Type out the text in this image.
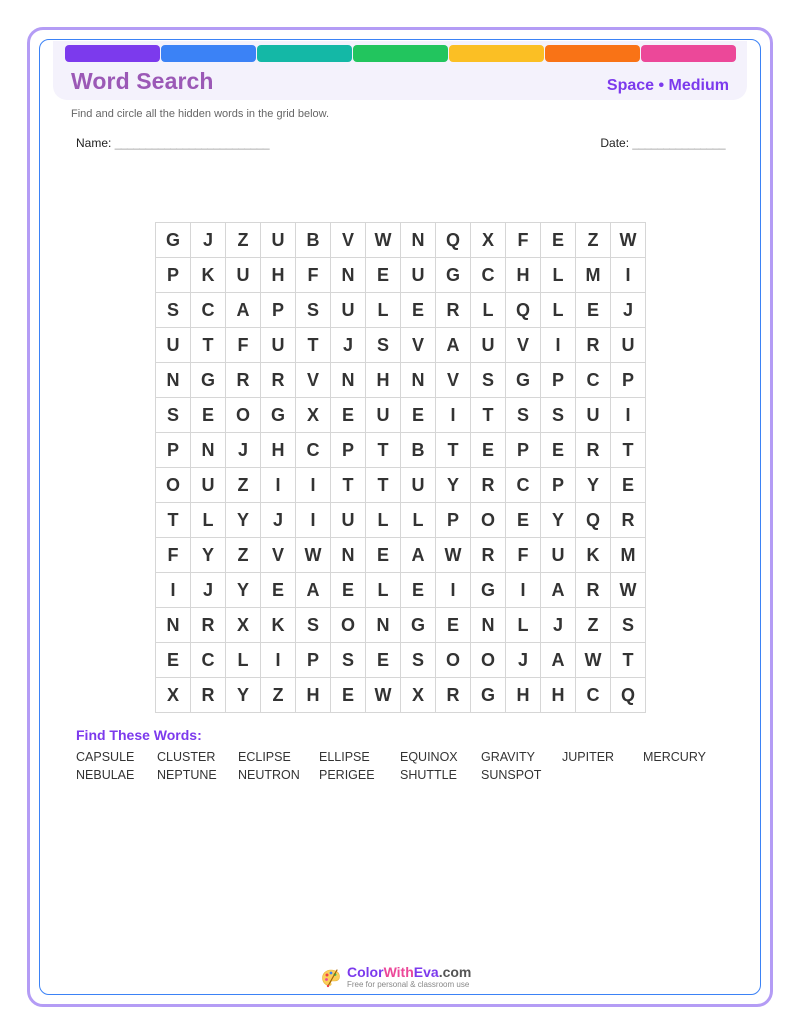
Word Search	Space • Medium
Find and circle all the hidden words in the grid below.
Name: _________________________	Date: _______________
G	J	Z	U	B	V	W	N	Q	X	F	E	Z	W
P	K	U	H	F	N	E	U	G	C	H	L	M	I
S	C	A	P	S	U	L	E	R	L	Q	L	E	J
U	T	F	U	T	J	S	V	A	U	V	I	R	U
N	G	R	R	V	N	H	N	V	S	G	P	C	P
S	E	O	G	X	E	U	E	I	T	S	S	U	I
P	N	J	H	C	P	T	B	T	E	P	E	R	T
O	U	Z	I	I	T	T	U	Y	R	C	P	Y	E
T	L	Y	J	I	U	L	L	P	O	E	Y	Q	R
F	Y	Z	V	W	N	E	A	W	R	F	U	K	M
I	J	Y	E	A	E	L	E	I	G	I	A	R	W
N	R	X	K	S	O	N	G	E	N	L	J	Z	S
E	C	L	I	P	S	E	S	O	O	J	A	W	T
X	R	Y	Z	H	E	W	X	R	G	H	H	C	Q
Find These Words:
CAPSULE	CLUSTER	ECLIPSE	ELLIPSE	EQUINOX	GRAVITY	JUPITER	MERCURY
NEBULAE	NEPTUNE	NEUTRON	PERIGEE	SHUTTLE	SUNSPOT
ColorWithEva.com
Free for personal & classroom use
